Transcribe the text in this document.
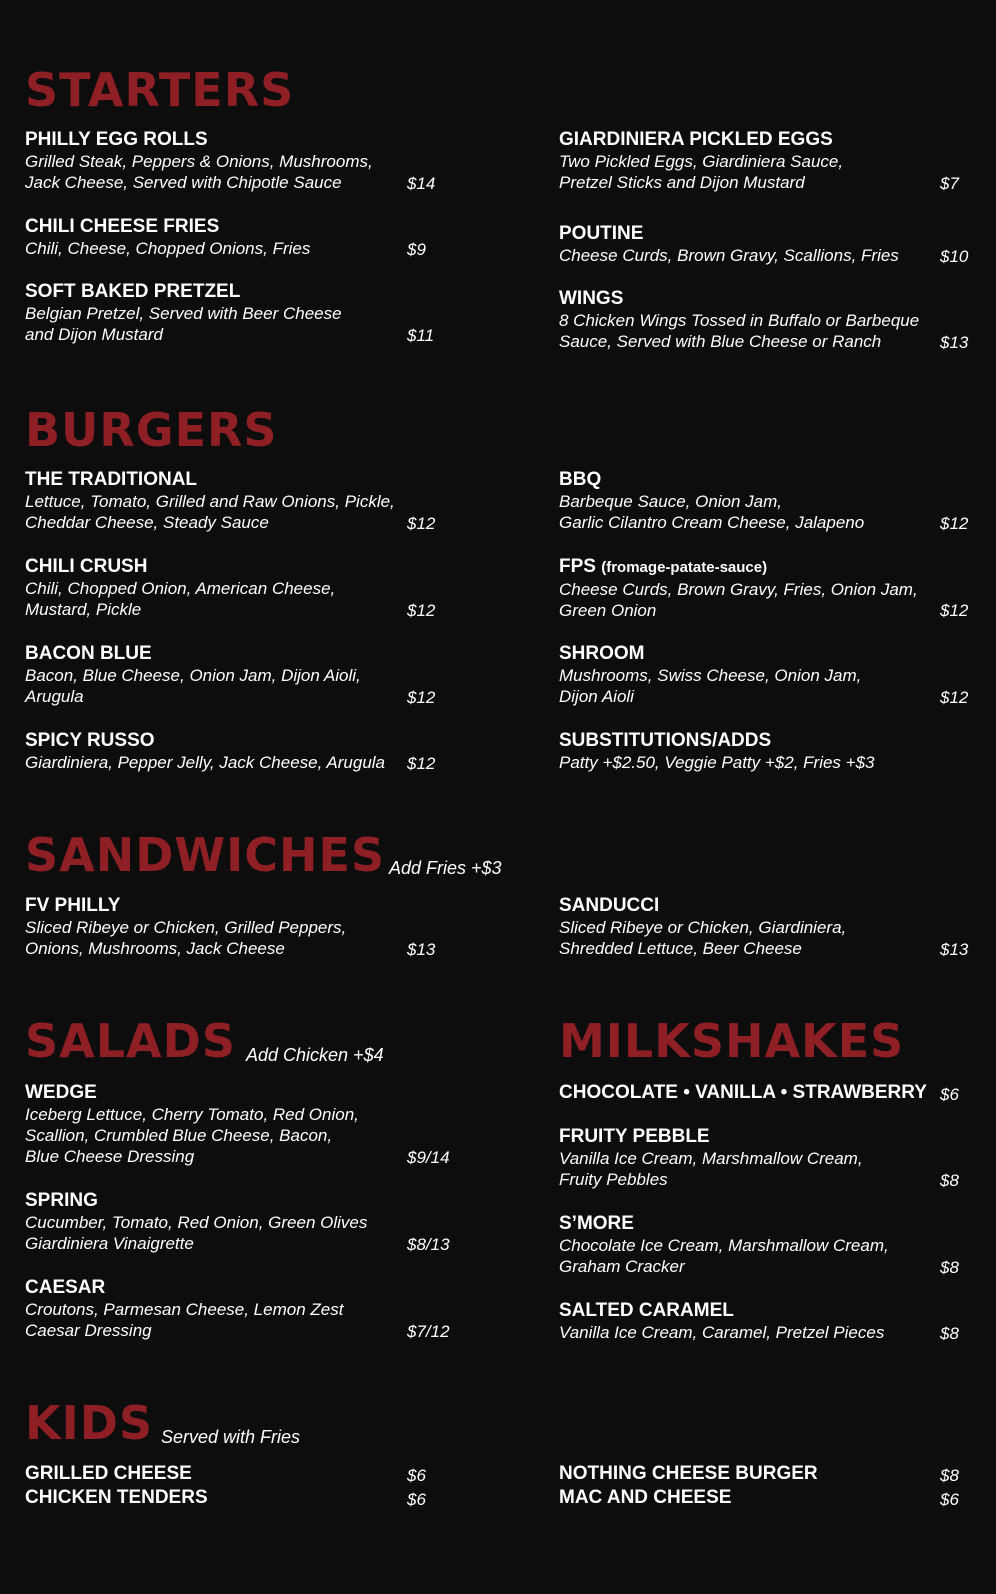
STARTERS
PHILLY EGG ROLLS
Grilled Steak, Peppers & Onions, Mushrooms,
Jack Cheese, Served with Chipotle Sauce	$14
CHILI CHEESE FRIES
Chili, Cheese, Chopped Onions, Fries	$9
SOFT BAKED PRETZEL
Belgian Pretzel, Served with Beer Cheese
and Dijon Mustard	$11
GIARDINIERA PICKLED EGGS
Two Pickled Eggs, Giardiniera Sauce,
Pretzel Sticks and Dijon Mustard	$7
POUTINE
Cheese Curds, Brown Gravy, Scallions, Fries $10
WINGS
8 Chicken Wings Tossed in Buffalo or Barbeque
Sauce, Served with Blue Cheese or Ranch	$13
BURGERS
THE TRADITIONAL
Lettuce, Tomato, Grilled and Raw Onions, Pickle,
Cheddar Cheese, Steady Sauce	$12
CHILI CRUSH
Chili, Chopped Onion, American Cheese,
Mustard, Pickle	$12
BACON BLUE
Bacon, Blue Cheese, Onion Jam, Dijon Aioli,
Arugula	$12
SPICY RUSSO
Giardiniera, Pepper Jelly, Jack Cheese, Arugula $12
BBQ
Barbeque Sauce, Onion Jam,
Garlic Cilantro Cream Cheese, Jalapeno	$12
FPS (fromage-patate-sauce)
Cheese Curds, Brown Gravy, Fries, Onion Jam,
Green Onion	$12
SHROOM
Mushrooms, Swiss Cheese, Onion Jam,
Dijon Aioli	$12
SUBSTITUTIONS/ADDS
Patty +$2.50, Veggie Patty +$2, Fries +$3
SANDWICHES Add Fries +$3
FV PHILLY
Sliced Ribeye or Chicken, Grilled Peppers,
Onions, Mushrooms, Jack Cheese	$13
SANDUCCI
Sliced Ribeye or Chicken, Giardiniera,
Shredded Lettuce, Beer Cheese	$13
SALADS Add Chicken +$4
WEDGE
Iceberg Lettuce, Cherry Tomato, Red Onion,
Scallion, Crumbled Blue Cheese, Bacon,
Blue Cheese Dressing	$9/14
SPRING
Cucumber, Tomato, Red Onion, Green Olives
Giardiniera Vinaigrette	$8/13
CAESAR
Croutons, Parmesan Cheese, Lemon Zest
Caesar Dressing	$7/12
MILKSHAKES
CHOCOLATE • VANILLA • STRAWBERRY $6
FRUITY PEBBLE
Vanilla Ice Cream, Marshmallow Cream,
Fruity Pebbles	$8
S’MORE
Chocolate Ice Cream, Marshmallow Cream,
Graham Cracker	$8
SALTED CARAMEL
Vanilla Ice Cream, Caramel, Pretzel Pieces	$8
KIDS Served with Fries
GRILLED CHEESE	$6
CHICKEN TENDERS	$6
NOTHING CHEESE BURGER	$8
MAC AND CHEESE	$6
